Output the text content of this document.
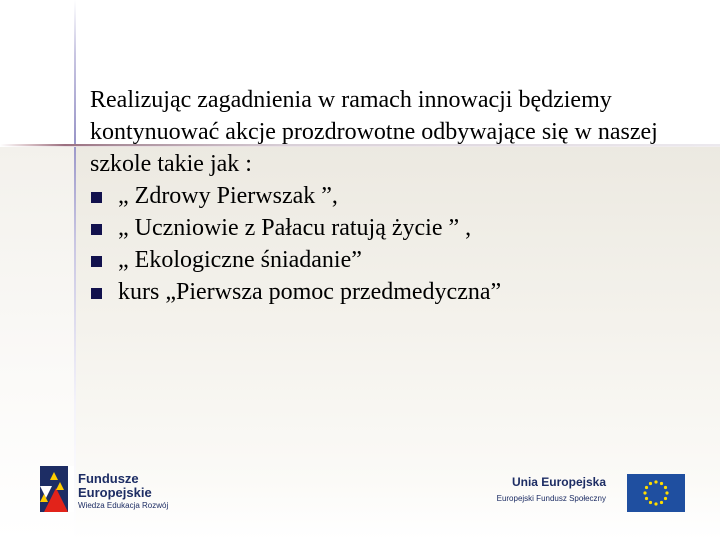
Realizując zagadnienia w ramach innowacji będziemy kontynuować akcje prozdrowotne odbywające się w naszej szkole takie jak :

„ Zdrowy Pierwszak ”,
„ Uczniowie z Pałacu ratują życie ” ,
„ Ekologiczne śniadanie”
kurs „Pierwsza pomoc przedmedyczna”
Fundusze
Europejskie
Wiedza Edukacja Rozwój
Unia Europejska
Europejski Fundusz Społeczny
